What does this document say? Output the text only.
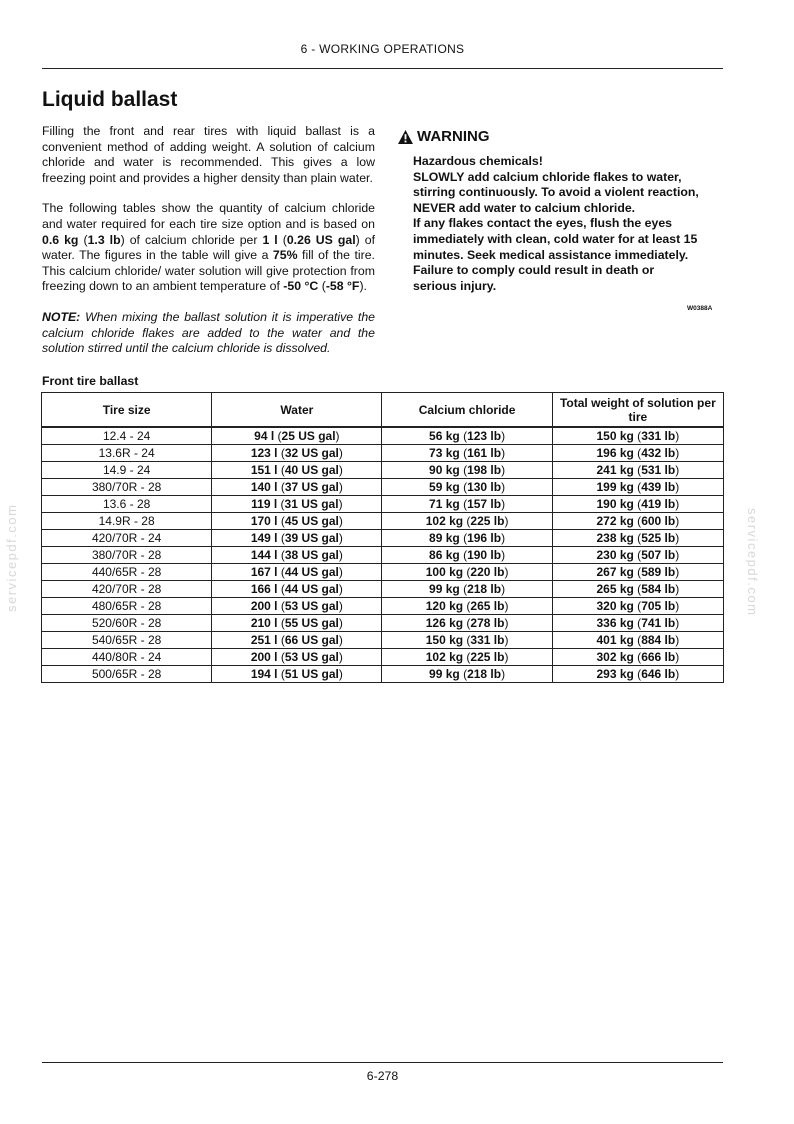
6 - WORKING OPERATIONS
Liquid ballast

Filling the front and rear tires with liquid ballast is a convenient method of adding weight. A solution of calcium chloride and water is recommended. This gives a low freezing point and provides a higher density than plain water.

The following tables show the quantity of calcium chloride and water required for each tire size option and is based on 0.6 kg (1.3 lb) of calcium chloride per 1 l (0.26 US gal) of water. The figures in the table will give a 75% fill of the tire. This calcium chloride/ water solution will give protection from freezing down to an ambient temperature of -50 °C (-58 °F).

NOTE: When mixing the ballast solution it is imperative the calcium chloride flakes are added to the water and the solution stirred until the calcium chloride is dissolved.

WARNING
Hazardous chemicals!
SLOWLY add calcium chloride flakes to water, stirring continuously. To avoid a violent reaction, NEVER add water to calcium chloride.
If any flakes contact the eyes, flush the eyes immediately with clean, cold water for at least 15 minutes. Seek medical assistance immediately.
Failure to comply could result in death or serious injury.
W0388A
Front tire ballast
Tire size	Water	Calcium chloride	Total weight of solution per tire
12.4 - 24	94 l (25 US gal)	56 kg (123 lb)	150 kg (331 lb)
13.6R - 24	123 l (32 US gal)	73 kg (161 lb)	196 kg (432 lb)
14.9 - 24	151 l (40 US gal)	90 kg (198 lb)	241 kg (531 lb)
380/70R - 28	140 l (37 US gal)	59 kg (130 lb)	199 kg (439 lb)
13.6 - 28	119 l (31 US gal)	71 kg (157 lb)	190 kg (419 lb)
14.9R - 28	170 l (45 US gal)	102 kg (225 lb)	272 kg (600 lb)
420/70R - 24	149 l (39 US gal)	89 kg (196 lb)	238 kg (525 lb)
380/70R - 28	144 l (38 US gal)	86 kg (190 lb)	230 kg (507 lb)
440/65R - 28	167 l (44 US gal)	100 kg (220 lb)	267 kg (589 lb)
420/70R - 28	166 l (44 US gal)	99 kg (218 lb)	265 kg (584 lb)
480/65R - 28	200 l (53 US gal)	120 kg (265 lb)	320 kg (705 lb)
520/60R - 28	210 l (55 US gal)	126 kg (278 lb)	336 kg (741 lb)
540/65R - 28	251 l (66 US gal)	150 kg (331 lb)	401 kg (884 lb)
440/80R - 24	200 l (53 US gal)	102 kg (225 lb)	302 kg (666 lb)
500/65R - 28	194 l (51 US gal)	99 kg (218 lb)	293 kg (646 lb)
servicepdf.com	servicepdf.com
6-278
